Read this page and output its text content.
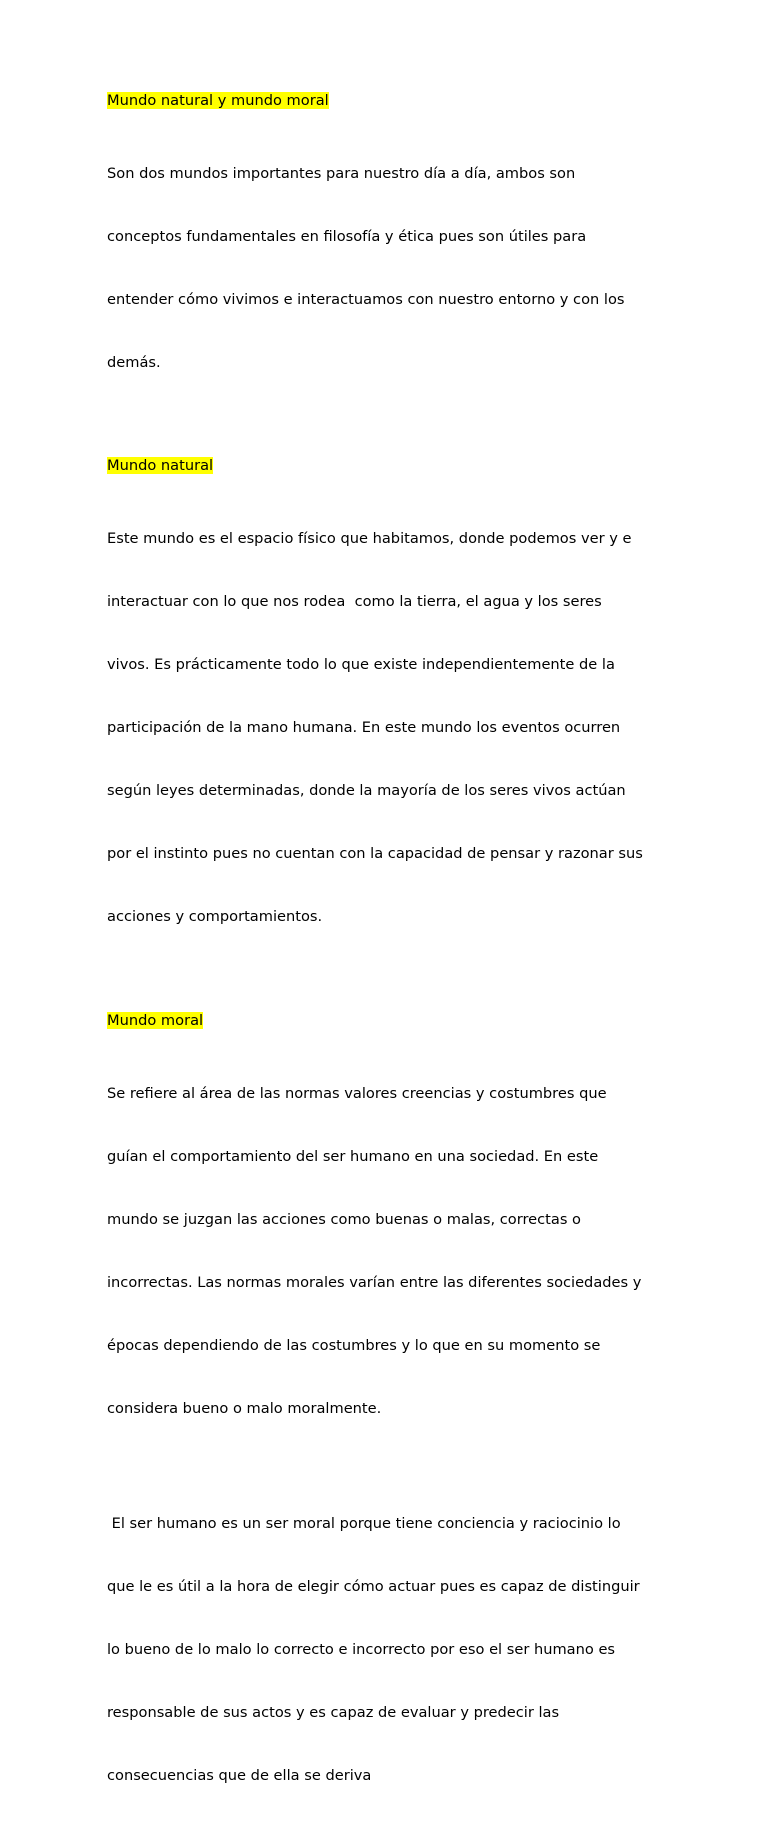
Mundo natural y mundo moral

Son dos mundos importantes para nuestro día a día, ambos son

conceptos fundamentales en filosofía y ética pues son útiles para

entender cómo vivimos e interactuamos con nuestro entorno y con los

demás.

Mundo natural

Este mundo es el espacio físico que habitamos, donde podemos ver y e

interactuar con lo que nos rodea  como la tierra, el agua y los seres

vivos. Es prácticamente todo lo que existe independientemente de la

participación de la mano humana. En este mundo los eventos ocurren

según leyes determinadas, donde la mayoría de los seres vivos actúan

por el instinto pues no cuentan con la capacidad de pensar y razonar sus

acciones y comportamientos.

Mundo moral

Se refiere al área de las normas valores creencias y costumbres que

guían el comportamiento del ser humano en una sociedad. En este

mundo se juzgan las acciones como buenas o malas, correctas o

incorrectas. Las normas morales varían entre las diferentes sociedades y

épocas dependiendo de las costumbres y lo que en su momento se

considera bueno o malo moralmente.

El ser humano es un ser moral porque tiene conciencia y raciocinio lo

que le es útil a la hora de elegir cómo actuar pues es capaz de distinguir

lo bueno de lo malo lo correcto e incorrecto por eso el ser humano es

responsable de sus actos y es capaz de evaluar y predecir las

consecuencias que de ella se deriva
